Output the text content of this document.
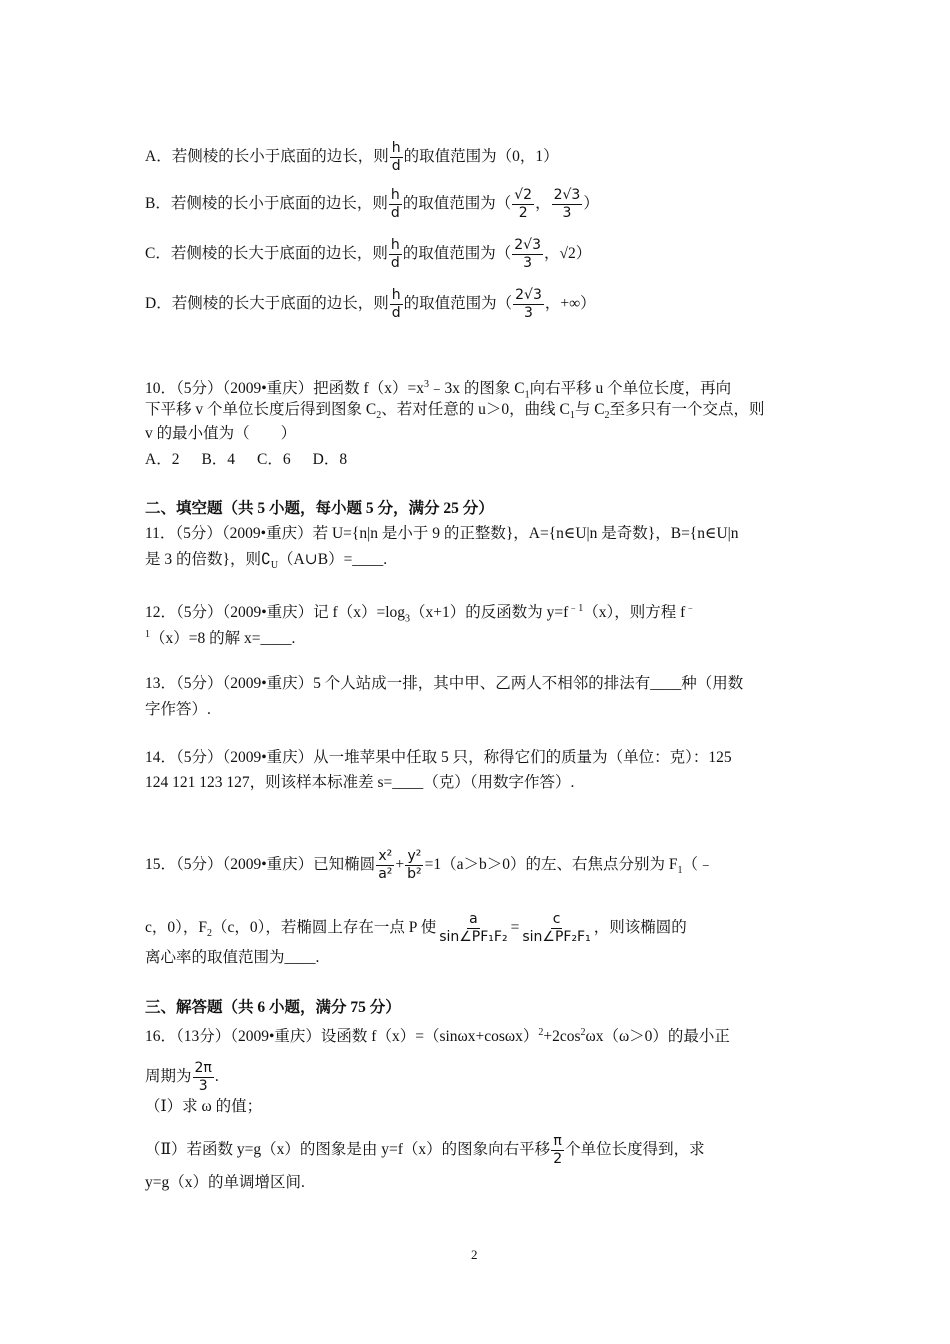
A．若侧棱的长小于底面的边长，则 $\frac{h}{d}$ 的取值范围为（0，1）
B．若侧棱的长小于底面的边长，则 $\frac{h}{d}$ 的取值范围为（ $\frac{√2}{2}$ ， $\frac{2√3}{3}$ ）
C．若侧棱的长大于底面的边长，则 $\frac{h}{d}$ 的取值范围为（ $\frac{2√3}{3}$ ，√2）
D．若侧棱的长大于底面的边长，则 $\frac{h}{d}$ 的取值范围为（ $\frac{2√3}{3}$ ，+∞）
10．（5分）（2009•重庆）把函数 $f(x)=x^3﹣3x$ 的图象 $C_1$向右平移 u 个单位长度，再向
下平移 v 个单位长度后得到图象 $C_2$、若对任意的 u＞0，曲线 $C_1$与 $C_2$至多只有一个交点，则
v 的最小值为（　　）
A．2 B．4 C．6 D．8
二、填空题（共 5 小题，每小题 5 分，满分 25 分）
11．（5分）（2009•重庆）若 U={n|n 是小于 9 的正整数}，A={n∈U|n 是奇数}，B={n∈U|n
是 3 的倍数}，则$∁_U(A\cup B)=\_\_\_\_$.
12．（5分）（2009•重庆）记 $f(x)=\log_3(x+1)$的反函数为 $y=f^{﹣1}(x)$，则方程 f﹣
$^1$（x）=8 的解 x=____.
13．（5分）（2009•重庆）5 个人站成一排，其中甲、乙两人不相邻的排法有____种（用数
字作答）.
14．（5分）（2009•重庆）从一堆苹果中任取 5 只，称得它们的质量为（单位：克）：125
124 121 123 127，则该样本标准差 s=____（克）（用数字作答）.
15．（5分）（2009•重庆）已知椭圆 $\frac{\text{x²}}{\text{a²}} + \frac{\text{y²}}{\text{b²}} =1(a>b>0)$的左、右焦点分别为 $F_1(﹣$
c，0），$F_2(c$，0），若椭圆上存在一点 P 使 $\frac{a}{\text{sin∠PF₁F₂}} = \frac{c}{\text{sin∠PF₂F₁}}$ ，则该椭圆的
离心率的取值范围为____.
三、解答题（共 6 小题，满分 75 分）
16．（13分）（2009•重庆）设函数 $f(x)=(\sin\omega x+\cos\omega x)^2+2\cos^2\omega x(\omega>0)$的最小正
周期为 $\frac{2\pi}{3}$ .
（Ⅰ）求 ω 的值；
（Ⅱ）若函数 y=g（x）的图象是由 y=f（x）的图象向右平移 $\frac{\pi}{2}$ 个单位长度得到，求
y=g（x）的单调增区间.
2
